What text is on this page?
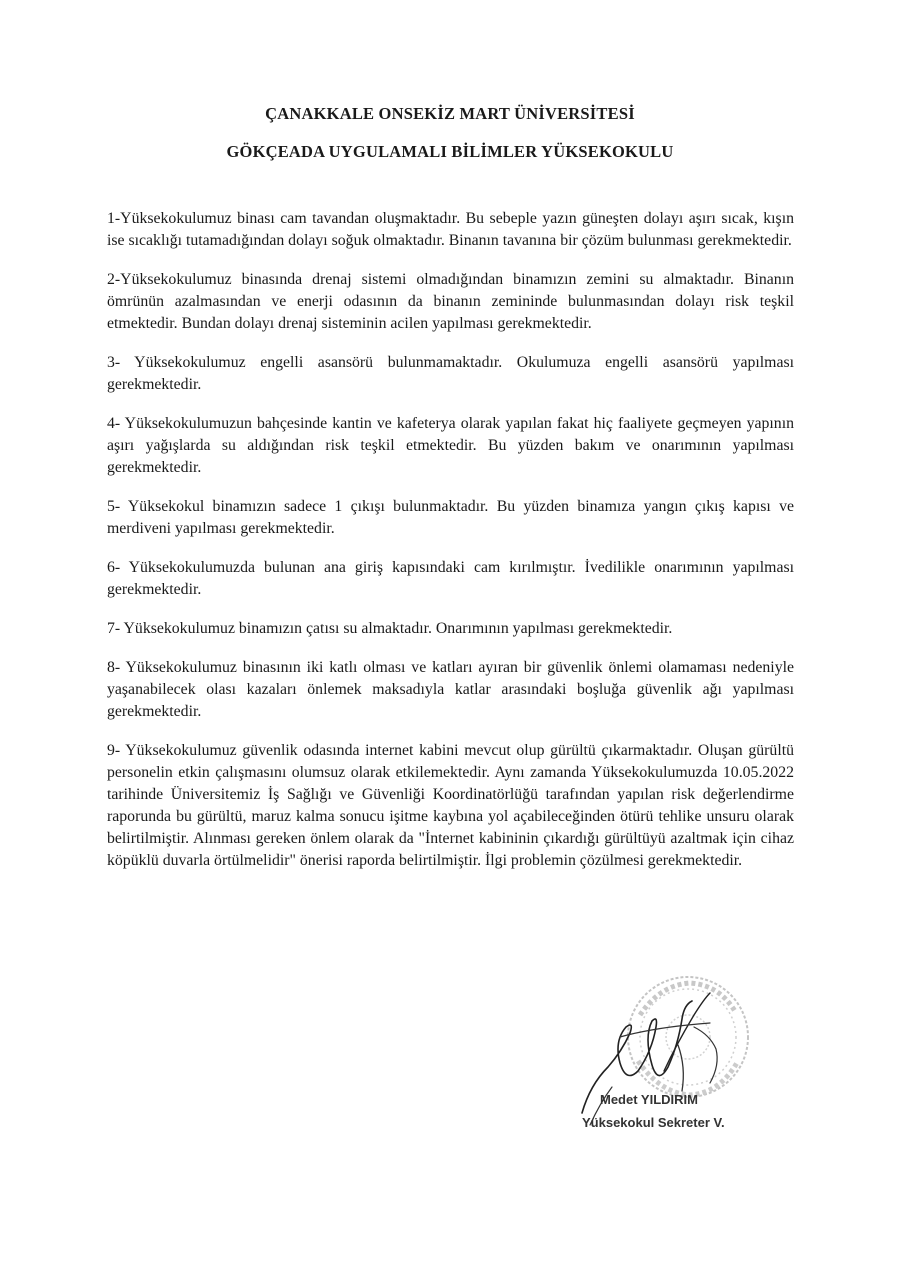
ÇANAKKALE ONSEKİZ MART ÜNİVERSİTESİ
GÖKÇEADA UYGULAMALI BİLİMLER YÜKSEKOKULU

1-Yüksekokulumuz binası cam tavandan oluşmaktadır. Bu sebeple yazın güneşten dolayı aşırı sıcak, kışın ise sıcaklığı tutamadığından dolayı soğuk olmaktadır. Binanın tavanına bir çözüm bulunması gerekmektedir.

2-Yüksekokulumuz binasında drenaj sistemi olmadığından binamızın zemini su almaktadır. Binanın ömrünün azalmasından ve enerji odasının da binanın zemininde bulunmasından dolayı risk teşkil etmektedir. Bundan dolayı drenaj sisteminin acilen yapılması gerekmektedir.

3- Yüksekokulumuz engelli asansörü bulunmamaktadır. Okulumuza engelli asansörü yapılması gerekmektedir.

4- Yüksekokulumuzun bahçesinde kantin ve kafeterya olarak yapılan fakat hiç faaliyete geçmeyen yapının aşırı yağışlarda su aldığından risk teşkil etmektedir. Bu yüzden bakım ve onarımının yapılması gerekmektedir.

5- Yüksekokul binamızın sadece 1 çıkışı bulunmaktadır. Bu yüzden binamıza yangın çıkış kapısı ve merdiveni yapılması gerekmektedir.

6- Yüksekokulumuzda bulunan ana giriş kapısındaki cam kırılmıştır. İvedilikle onarımının yapılması gerekmektedir.

7- Yüksekokulumuz binamızın çatısı su almaktadır. Onarımının yapılması gerekmektedir.

8- Yüksekokulumuz binasının iki katlı olması ve katları ayıran bir güvenlik önlemi olamaması nedeniyle yaşanabilecek olası kazaları önlemek maksadıyla katlar arasındaki boşluğa güvenlik ağı yapılması gerekmektedir.

9- Yüksekokulumuz güvenlik odasında internet kabini mevcut olup gürültü çıkarmaktadır. Oluşan gürültü personelin etkin çalışmasını olumsuz olarak etkilemektedir. Aynı zamanda Yüksekokulumuzda 10.05.2022 tarihinde Üniversitemiz İş Sağlığı ve Güvenliği Koordinatörlüğü tarafından yapılan risk değerlendirme raporunda bu gürültü, maruz kalma sonucu işitme kaybına yol açabileceğinden ötürü tehlike unsuru olarak belirtilmiştir. Alınması gereken önlem olarak da "İnternet kabininin çıkardığı gürültüyü azaltmak için cihaz köpüklü duvarla örtülmelidir" önerisi raporda belirtilmiştir. İlgi problemin çözülmesi gerekmektedir.

Medet YILDIRIM
Yüksekokul Sekreter V.
